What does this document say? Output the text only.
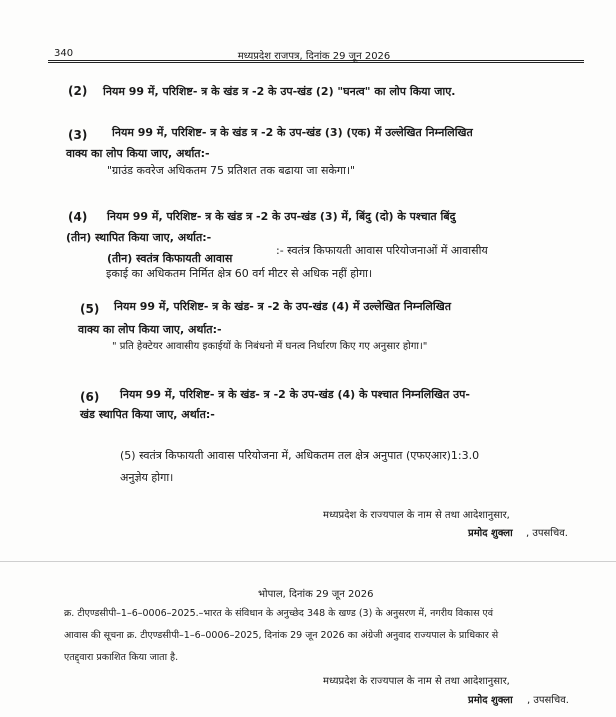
340	मध्यप्रदेश राजपत्र, दिनांक 29 जून 2026
(2) नियम 99 में, परिशिष्ट- त्र के खंड त्र -2 के उप-खंड (2) "घनत्व" का लोप किया जाए.
(3) नियम 99 में, परिशिष्ट- त्र के खंड त्र -2 के उप-खंड (3) (एक) में उल्लेखित निम्नलिखित
वाक्य का लोप किया जाए, अर्थात:-
"ग्राउंड कवरेज अधिकतम 75 प्रतिशत तक बढाया जा सकेगा।"
(4) नियम 99 में, परिशिष्ट- त्र के खंड त्र -2 के उप-खंड (3) में, बिंदु (दो) के पश्चात बिंदु
(तीन) स्थापित किया जाए, अर्थात:-
(तीन) स्वतंत्र किफायती आवास
:- स्वतंत्र किफायती आवास परियोजनाओं में आवासीय
इकाई का अधिकतम निर्मित क्षेत्र 60 वर्ग मीटर से अधिक नहीं होगा।
(5) नियम 99 में, परिशिष्ट- त्र के खंड- त्र -2 के उप-खंड (4) में उल्लेखित निम्नलिखित
वाक्य का लोप किया जाए, अर्थात:-
" प्रति हेक्टेयर आवासीय इकाईयों के निबंधनो में घनत्व निर्धारण किए गए अनुसार होगा।"
(6) नियम 99 में, परिशिष्ट- त्र के खंड- त्र -2 के उप-खंड (4) के पश्चात निम्नलिखित उप-
खंड स्थापित किया जाए, अर्थात:-
(5) स्वतंत्र किफायती आवास परियोजना में, अधिकतम तल क्षेत्र अनुपात (एफएआर)1:3.0
अनुज्ञेय होगा।
मध्यप्रदेश के राज्यपाल के नाम से तथा आदेशानुसार,
प्रमोद शुक्ला , उपसचिव.
भोपाल, दिनांक 29 जून 2026
क्र. टीएण्डसीपी–1–6–0006–2025.–भारत के संविधान के अनुच्छेद 348 के खण्ड (3) के अनुसरण में, नगरीय विकास एवं
आवास की सूचना क्र. टीएण्डसीपी–1–6–0006–2025, दिनांक 29 जून 2026 का अंग्रेजी अनुवाद राज्यपाल के प्राधिकार से
एतद्द्वारा प्रकाशित किया जाता है.
मध्यप्रदेश के राज्यपाल के नाम से तथा आदेशानुसार,
प्रमोद शुक्ला , उपसचिव.
